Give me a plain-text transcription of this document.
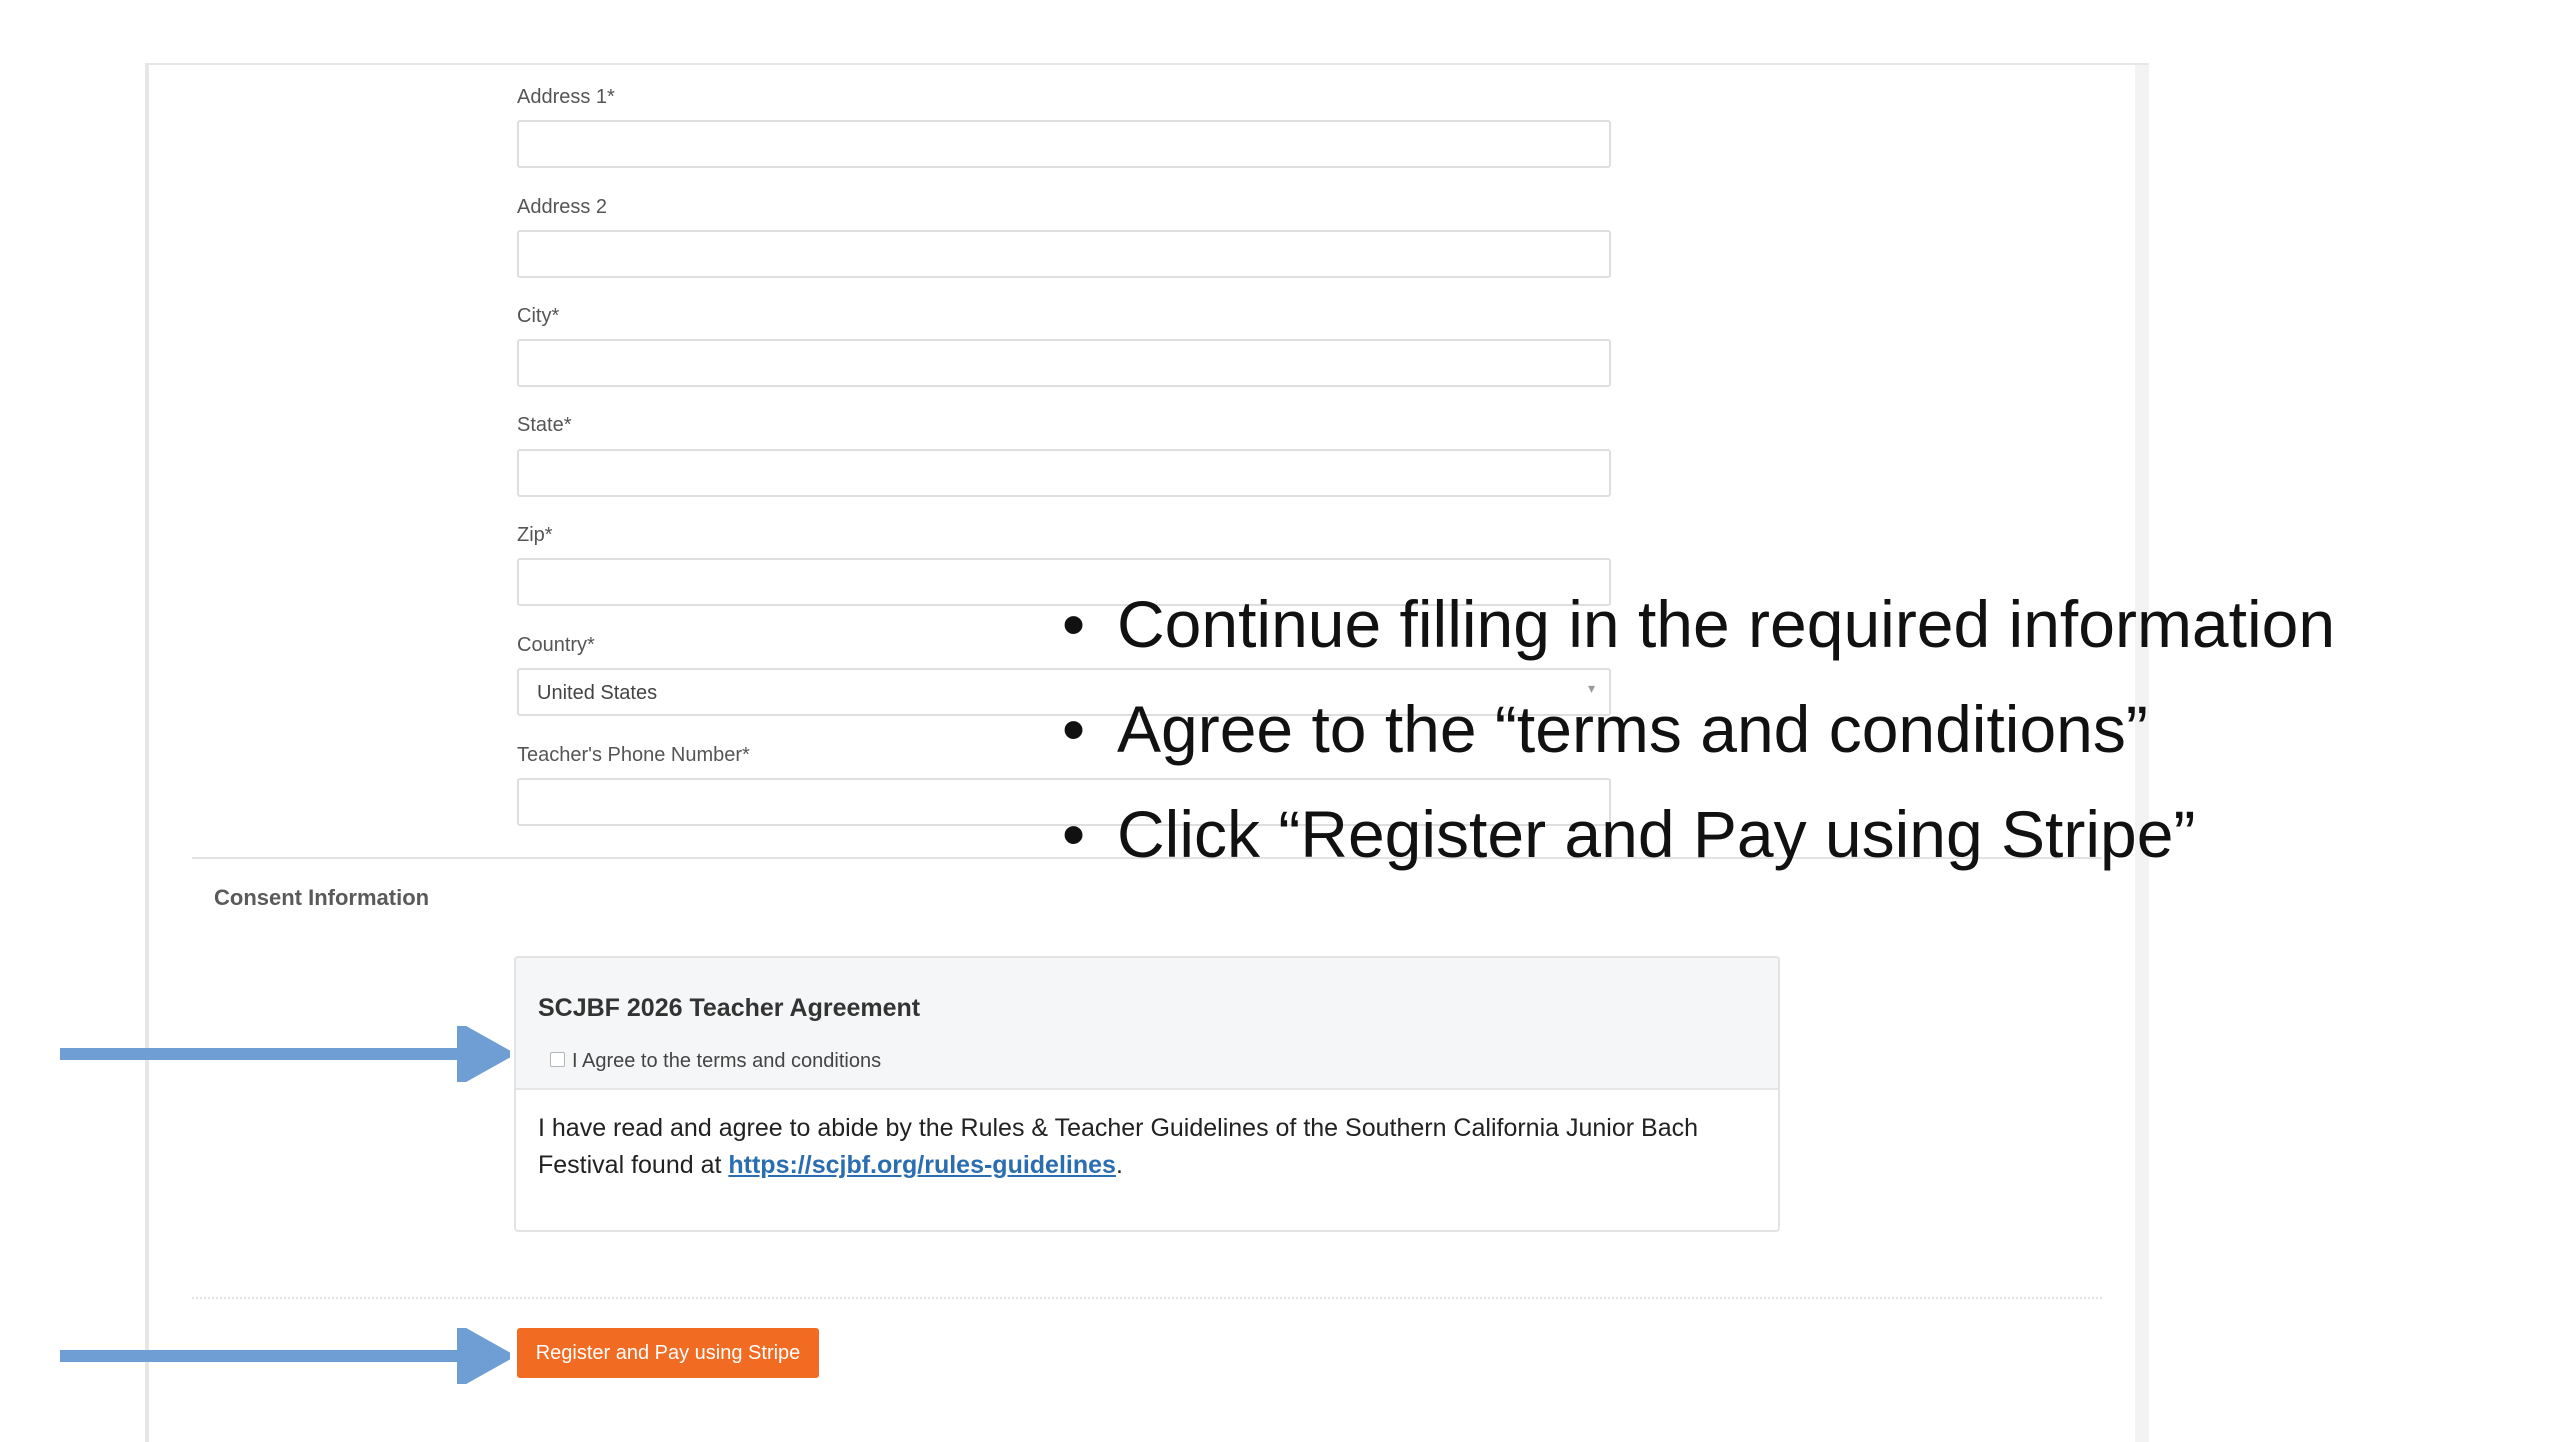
Address 1*
Address 2
City*
State*
Zip*
Country*
United States	▾
Teacher's Phone Number*
Consent Information
SCJBF 2026 Teacher Agreement
I Agree to the terms and conditions
I have read and agree to abide by the Rules & Teacher Guidelines of the Southern California Junior Bach Festival found at https://scjbf.org/rules-guidelines.
Register and Pay using Stripe
• Continue filling in the required information
• Agree to the “terms and conditions”
• Click “Register and Pay using Stripe”
